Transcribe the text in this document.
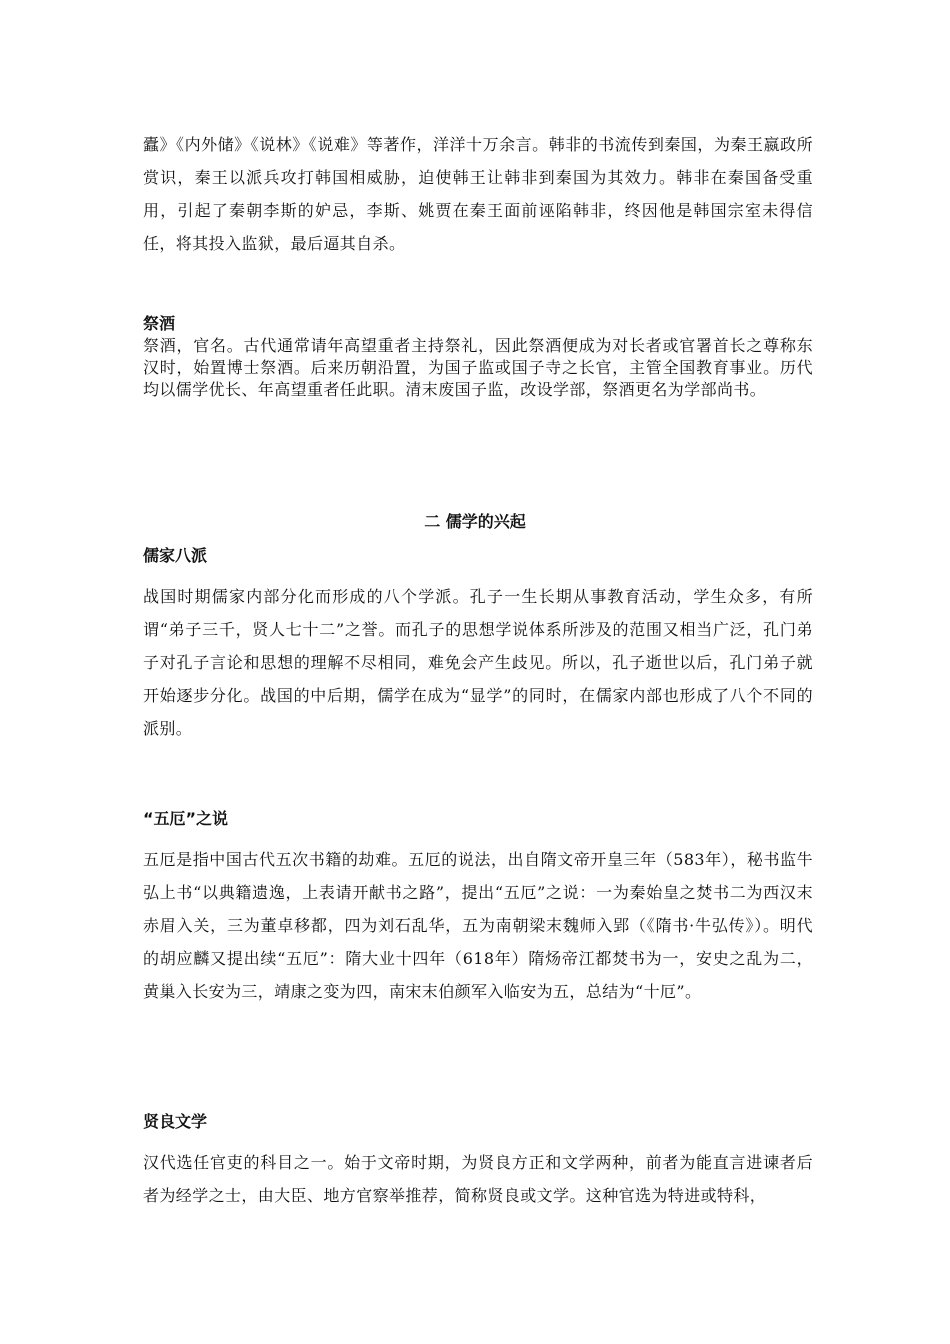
蠹》《内外储》《说林》《说难》等著作，洋洋十万余言。韩非的书流传到秦国，为秦王嬴政所赏识，秦王以派兵攻打韩国相威胁，迫使韩王让韩非到秦国为其效力。韩非在秦国备受重用，引起了秦朝李斯的妒忌，李斯、姚贾在秦王面前诬陷韩非，终因他是韩国宗室未得信任，将其投入监狱，最后逼其自杀。

祭酒

祭酒，官名。古代通常请年高望重者主持祭礼，因此祭酒便成为对长者或官署首长之尊称东汉时，始置博士祭酒。后来历朝沿置，为国子监或国子寺之长官，主管全国教育事业。历代均以儒学优长、年高望重者任此职。清末废国子监，改设学部，祭酒更名为学部尚书。

二 儒学的兴起

儒家八派

战国时期儒家内部分化而形成的八个学派。孔子一生长期从事教育活动，学生众多，有所谓“弟子三千，贤人七十二”之誉。而孔子的思想学说体系所涉及的范围又相当广泛，孔门弟子对孔子言论和思想的理解不尽相同，难免会产生歧见。所以，孔子逝世以后，孔门弟子就开始逐步分化。战国的中后期，儒学在成为“显学”的同时，在儒家内部也形成了八个不同的派别。

“五厄”之说

五厄是指中国古代五次书籍的劫难。五厄的说法，出自隋文帝开皇三年（583年），秘书监牛弘上书“以典籍遗逸，上表请开献书之路”，提出“五厄”之说：一为秦始皇之焚书二为西汉末赤眉入关，三为董卓移都，四为刘石乱华，五为南朝梁末魏师入郢（《隋书·牛弘传》）。明代的胡应麟又提出续“五厄”：隋大业十四年（618年）隋炀帝江都焚书为一，安史之乱为二，黄巢入长安为三，靖康之变为四，南宋末伯颜军入临安为五，总结为“十厄”。

贤良文学

汉代选任官吏的科目之一。始于文帝时期，为贤良方正和文学两种，前者为能直言进谏者后者为经学之士，由大臣、地方官察举推荐，简称贤良或文学。这种官选为特进或特科，
